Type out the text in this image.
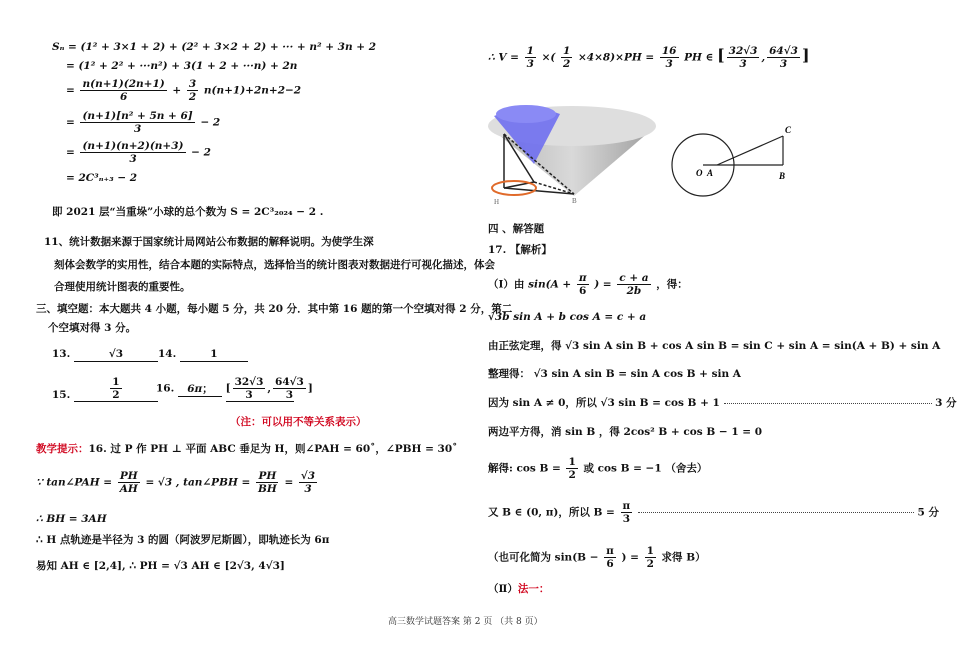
Sₙ = (1² + 3×1 + 2) + (2² + 3×2 + 2) + ··· + n² + 3n + 2
= (1² + 2² + ···n²) + 3(1 + 2 + ···n) + 2n
= $\frac{n(n+1)(2n+1)}{6} + \frac{3}{2} n(n+1)+2n+2-2$
= $\frac{\text{(n+1)[n² + 5n + 6]}}{3} - 2$
= $\frac{(n+1)(n+2)(n+3)}{3} - 2$
= 2C³ₙ₊₃ − 2
即 2021 层“当重垛”小球的总个数为 S = 2C³₂₀₂₄ − 2 .
11、统计数据来源于国家统计局网站公布数据的解释说明。为使学生深
刻体会数学的实用性，结合本题的实际特点，选择恰当的统计图表对数据进行可视化描述，体会
合理使用统计图表的重要性。
三、填空题：本大题共 4 小题，每小题 5 分，共 20 分．其中第 16 题的第一个空填对得 2 分，第二
个空填对得 3 分。
13.	√3	14.	1
15.	$\frac{1}{2}$	16. 6π； [ $\frac{32√3}{3}$ , $\frac{64√3}{3}$ ]
（注：可以用不等关系表示）
教学提示：16. 过 P 作 PH ⊥ 平面 ABC 垂足为 H，则∠PAH = 60˚，∠PBH = 30˚
∵ tan∠PAH = $\frac{PH}{AH} = √3$ , tan∠PBH = $\frac{PH}{BH} = \frac{√3}{3}$
∴ BH = 3AH
∴ H 点轨迹是半径为 3 的圆（阿波罗尼斯圆），即轨迹长为 6π
易知 AH ∈ [2,4], ∴ PH = √3 AH ∈ [2√3, 4√3]
∴ $V = \frac{1}{3}$ ×( $\frac{1}{2} \times 4\times 8)\times PH = \frac{16}{3}$ PH ∈ [ $\frac{32√3}{3}$ , $\frac{64√3}{3}$ ]
H	B
O A	B
C
四 、解答题
17. 【解析】
（Ⅰ）由 $\sin(A + \frac{\pi}{6}$ ) = $\frac{c + a}{2b}$ ，得：
√3b sin A + b cos A = c + a
由正弦定理，得 √3 sin A sin B + cos A sin B = sin C + sin A = sin(A + B) + sin A
整理得： √3 sin A sin B = sin A cos B + sin A
因为 sin A ≠ 0，所以 √3 sin B = cos B + 1	3 分
两边平方得，消 sin B ，得 2cos² B + cos B − 1 = 0
解得: $\cos B = \frac{1}{2}$ 或 cos B = −1 （舍去）
又 B ∈ (0, π)，所以 $B = \frac{\pi}{3}$	5 分
（也可化简为 $\sin(B - \frac{\pi}{6}$ ) = $\frac{1}{2}$ 求得 B）
（Ⅱ）法一：
高三数学试题答案 第 2 页 （共 8 页）
